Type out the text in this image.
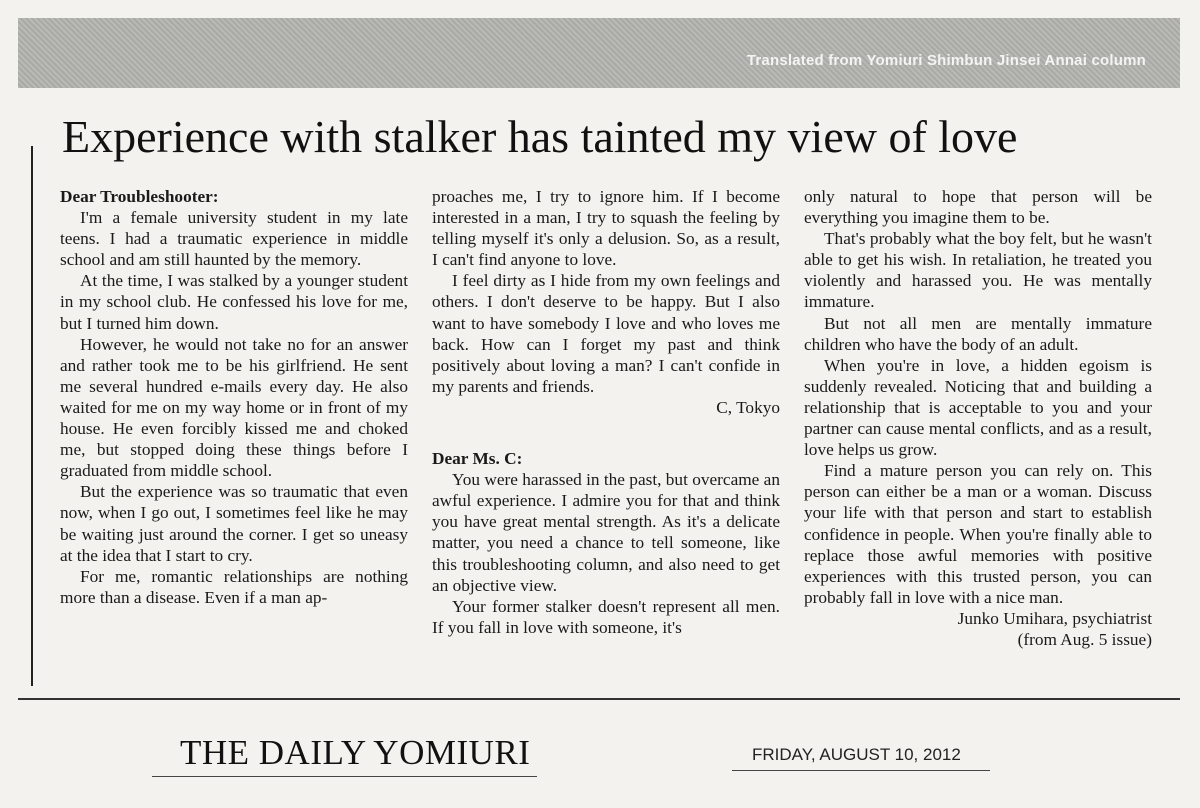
Translated from Yomiuri Shimbun Jinsei Annai column
Experience with stalker has tainted my view of love

Dear Troubleshooter:

I'm a female university student in my late teens. I had a traumatic experience in middle school and am still haunted by the memory.

At the time, I was stalked by a younger student in my school club. He confessed his love for me, but I turned him down.

However, he would not take no for an answer and rather took me to be his girlfriend. He sent me several hundred e-mails every day. He also waited for me on my way home or in front of my house. He even forcibly kissed me and choked me, but stopped doing these things before I graduated from middle school.

But the experience was so traumatic that even now, when I go out, I sometimes feel like he may be waiting just around the corner. I get so uneasy at the idea that I start to cry.

For me, romantic relationships are nothing more than a disease. Even if a man ap-

proaches me, I try to ignore him. If I become interested in a man, I try to squash the feeling by telling myself it's only a delusion. So, as a result, I can't find anyone to love.

I feel dirty as I hide from my own feelings and others. I don't deserve to be happy. But I also want to have somebody I love and who loves me back. How can I forget my past and think positively about loving a man? I can't confide in my parents and friends.

C, Tokyo

Dear Ms. C:

You were harassed in the past, but overcame an awful experience. I admire you for that and think you have great mental strength. As it's a delicate matter, you need a chance to tell someone, like this troubleshooting column, and also need to get an objective view.

Your former stalker doesn't represent all men. If you fall in love with someone, it's

only natural to hope that person will be everything you imagine them to be.

That's probably what the boy felt, but he wasn't able to get his wish. In retaliation, he treated you violently and harassed you. He was mentally immature.

But not all men are mentally immature children who have the body of an adult.

When you're in love, a hidden egoism is suddenly revealed. Noticing that and building a relationship that is acceptable to you and your partner can cause mental conflicts, and as a result, love helps us grow.

Find a mature person you can rely on. This person can either be a man or a woman. Discuss your life with that person and start to establish confidence in people. When you're finally able to replace those awful memories with positive experiences with this trusted person, you can probably fall in love with a nice man.

Junko Umihara, psychiatrist

(from Aug. 5 issue)

THE DAILY YOMIURI	FRIDAY, AUGUST 10, 2012
